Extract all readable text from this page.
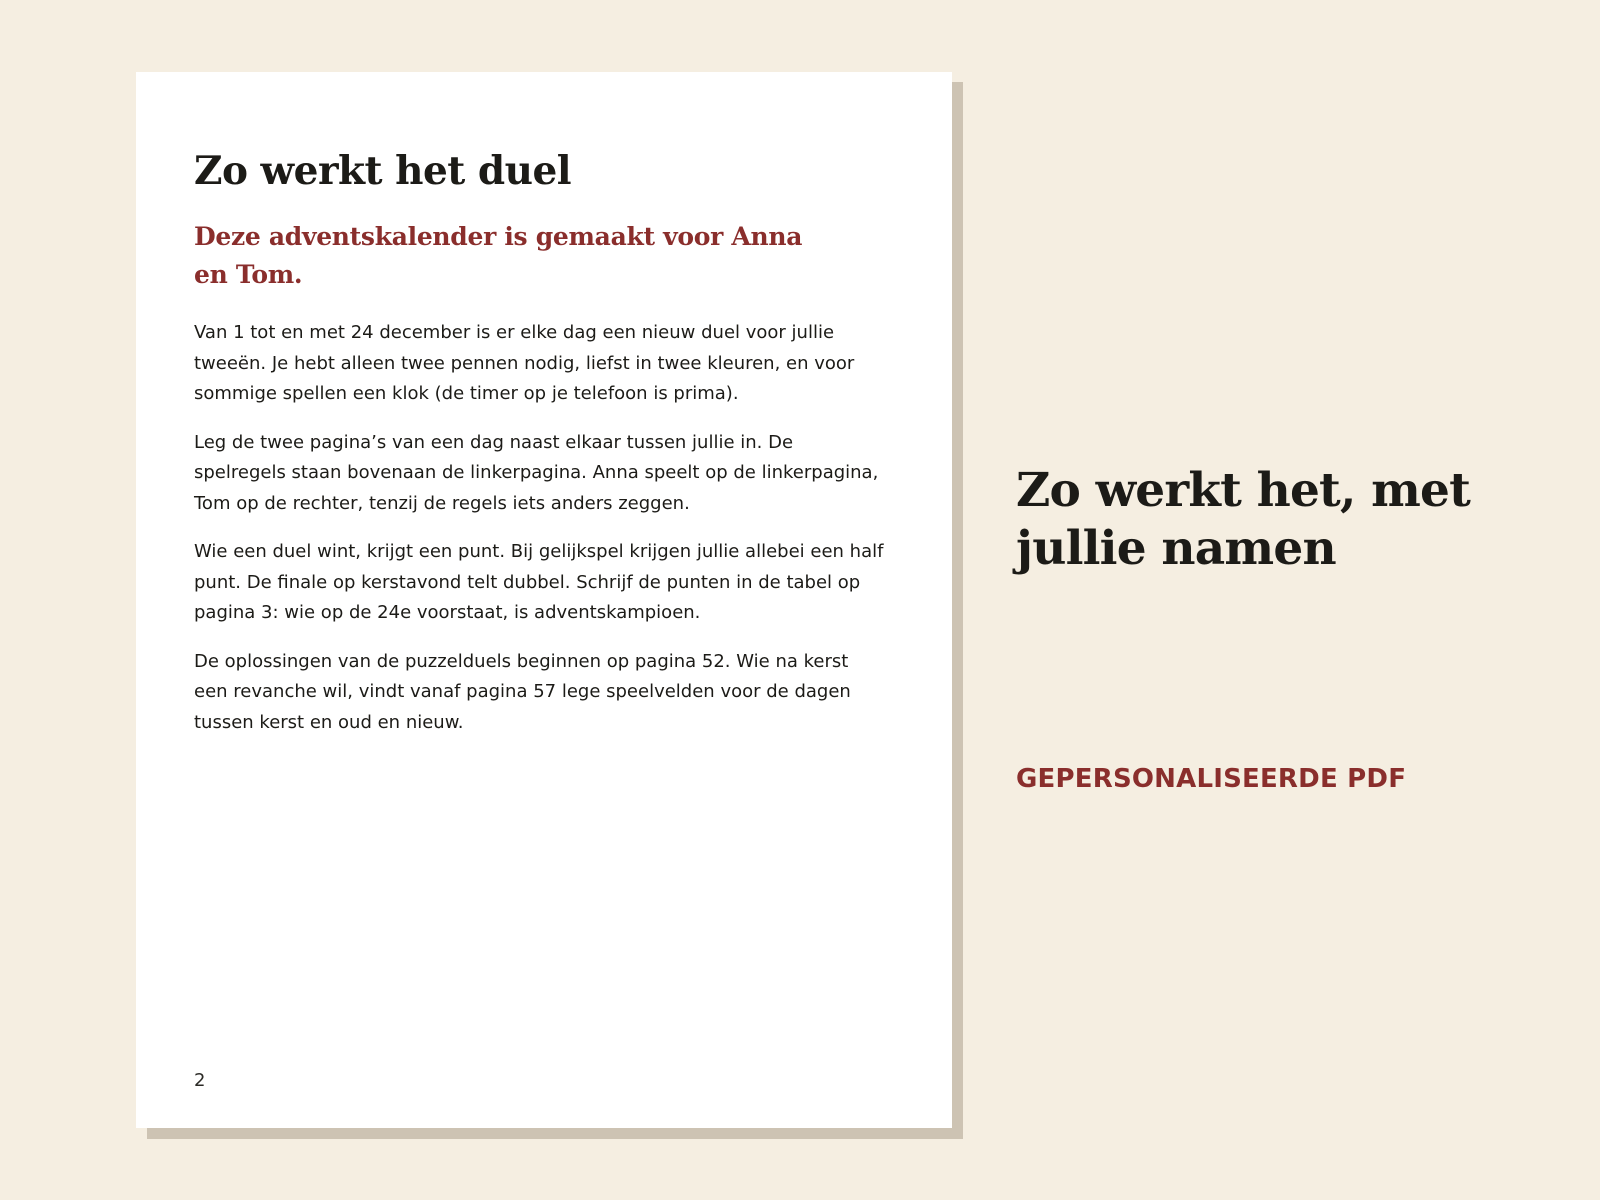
Zo werkt het duel
Deze adventskalender is gemaakt voor Anna en Tom.

Van 1 tot en met 24 december is er elke dag een nieuw duel voor jullie tweeën. Je hebt alleen twee pennen nodig, liefst in twee kleuren, en voor sommige spellen een klok (de timer op je telefoon is prima).

Leg de twee pagina’s van een dag naast elkaar tussen jullie in. De spelregels staan bovenaan de linkerpagina. Anna speelt op de linkerpagina, Tom op de rechter, tenzij de regels iets anders zeggen.

Wie een duel wint, krijgt een punt. Bij gelijkspel krijgen jullie allebei een half punt. De finale op kerstavond telt dubbel. Schrijf de punten in de tabel op pagina 3: wie op de 24e voorstaat, is adventskampioen.

De oplossingen van de puzzelduels beginnen op pagina 52. Wie na kerst een revanche wil, vindt vanaf pagina 57 lege speelvelden voor de dagen tussen kerst en oud en nieuw.

2
Zo werkt het, met jullie namen
GEPERSONALISEERDE PDF
